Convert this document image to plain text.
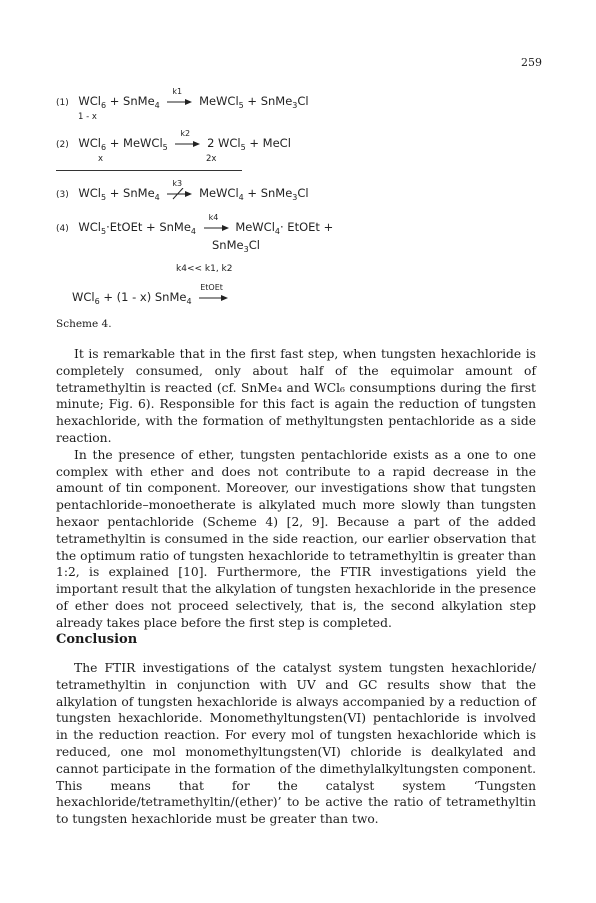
259
(1) WCl$_6$ + SnMe$_4$
k1
MeWCl$_5$ + SnMe$_3$Cl
1 - x
(2) WCl$_6$ + MeWCl$_5$
k2
2 WCl$_5$ + MeCl
x	2x
(3) WCl$_5$ + SnMe$_4$
k3
MeWCl$_4$ + SnMe$_3$Cl
(4) WCl$_5$·EtOEt + SnMe$_4$
k4
MeWCl$_4$· EtOEt +
SnMe$_3$Cl
k4<< k1, k2
WCl$_6$ + (1 - x) SnMe$_4$
EtOEt
Scheme 4.

It is remarkable that in the first fast step, when tungsten hexachloride is completely consumed, only about half of the equimolar amount of tetramethyltin is reacted (cf. SnMe₄ and WCl₆ consumptions during the first minute; Fig. 6). Responsible for this fact is again the reduction of tungsten hexachloride, with the formation of methyltungsten pentachloride as a side reaction.

In the presence of ether, tungsten pentachloride exists as a one to one complex with ether and does not contribute to a rapid decrease in the amount of tin component. Moreover, our investigations show that tungsten pentachloride–monoetherate is alkylated much more slowly than tungsten hexaor pentachloride (Scheme 4) [2, 9]. Because a part of the added tetramethyltin is consumed in the side reaction, our earlier observation that the optimum ratio of tungsten hexachloride to tetramethyltin is greater than 1:2, is explained [10]. Furthermore, the FTIR investigations yield the important result that the alkylation of tungsten hexachloride in the presence of ether does not proceed selectively, that is, the second alkylation step already takes place before the first step is completed.

Conclusion

The FTIR investigations of the catalyst system tungsten hexachloride/ tetramethyltin in conjunction with UV and GC results show that the alkylation of tungsten hexachloride is always accompanied by a reduction of tungsten hexachloride. Monomethyltungsten(VI) pentachloride is involved in the reduction reaction. For every mol of tungsten hexachloride which is reduced, one mol monomethyltungsten(VI) chloride is dealkylated and cannot participate in the formation of the dimethylalkyltungsten component. This means that for the catalyst system ‘Tungsten hexachloride/tetramethyltin/(ether)’ to be active the ratio of tetramethyltin to tungsten hexachloride must be greater than two.
